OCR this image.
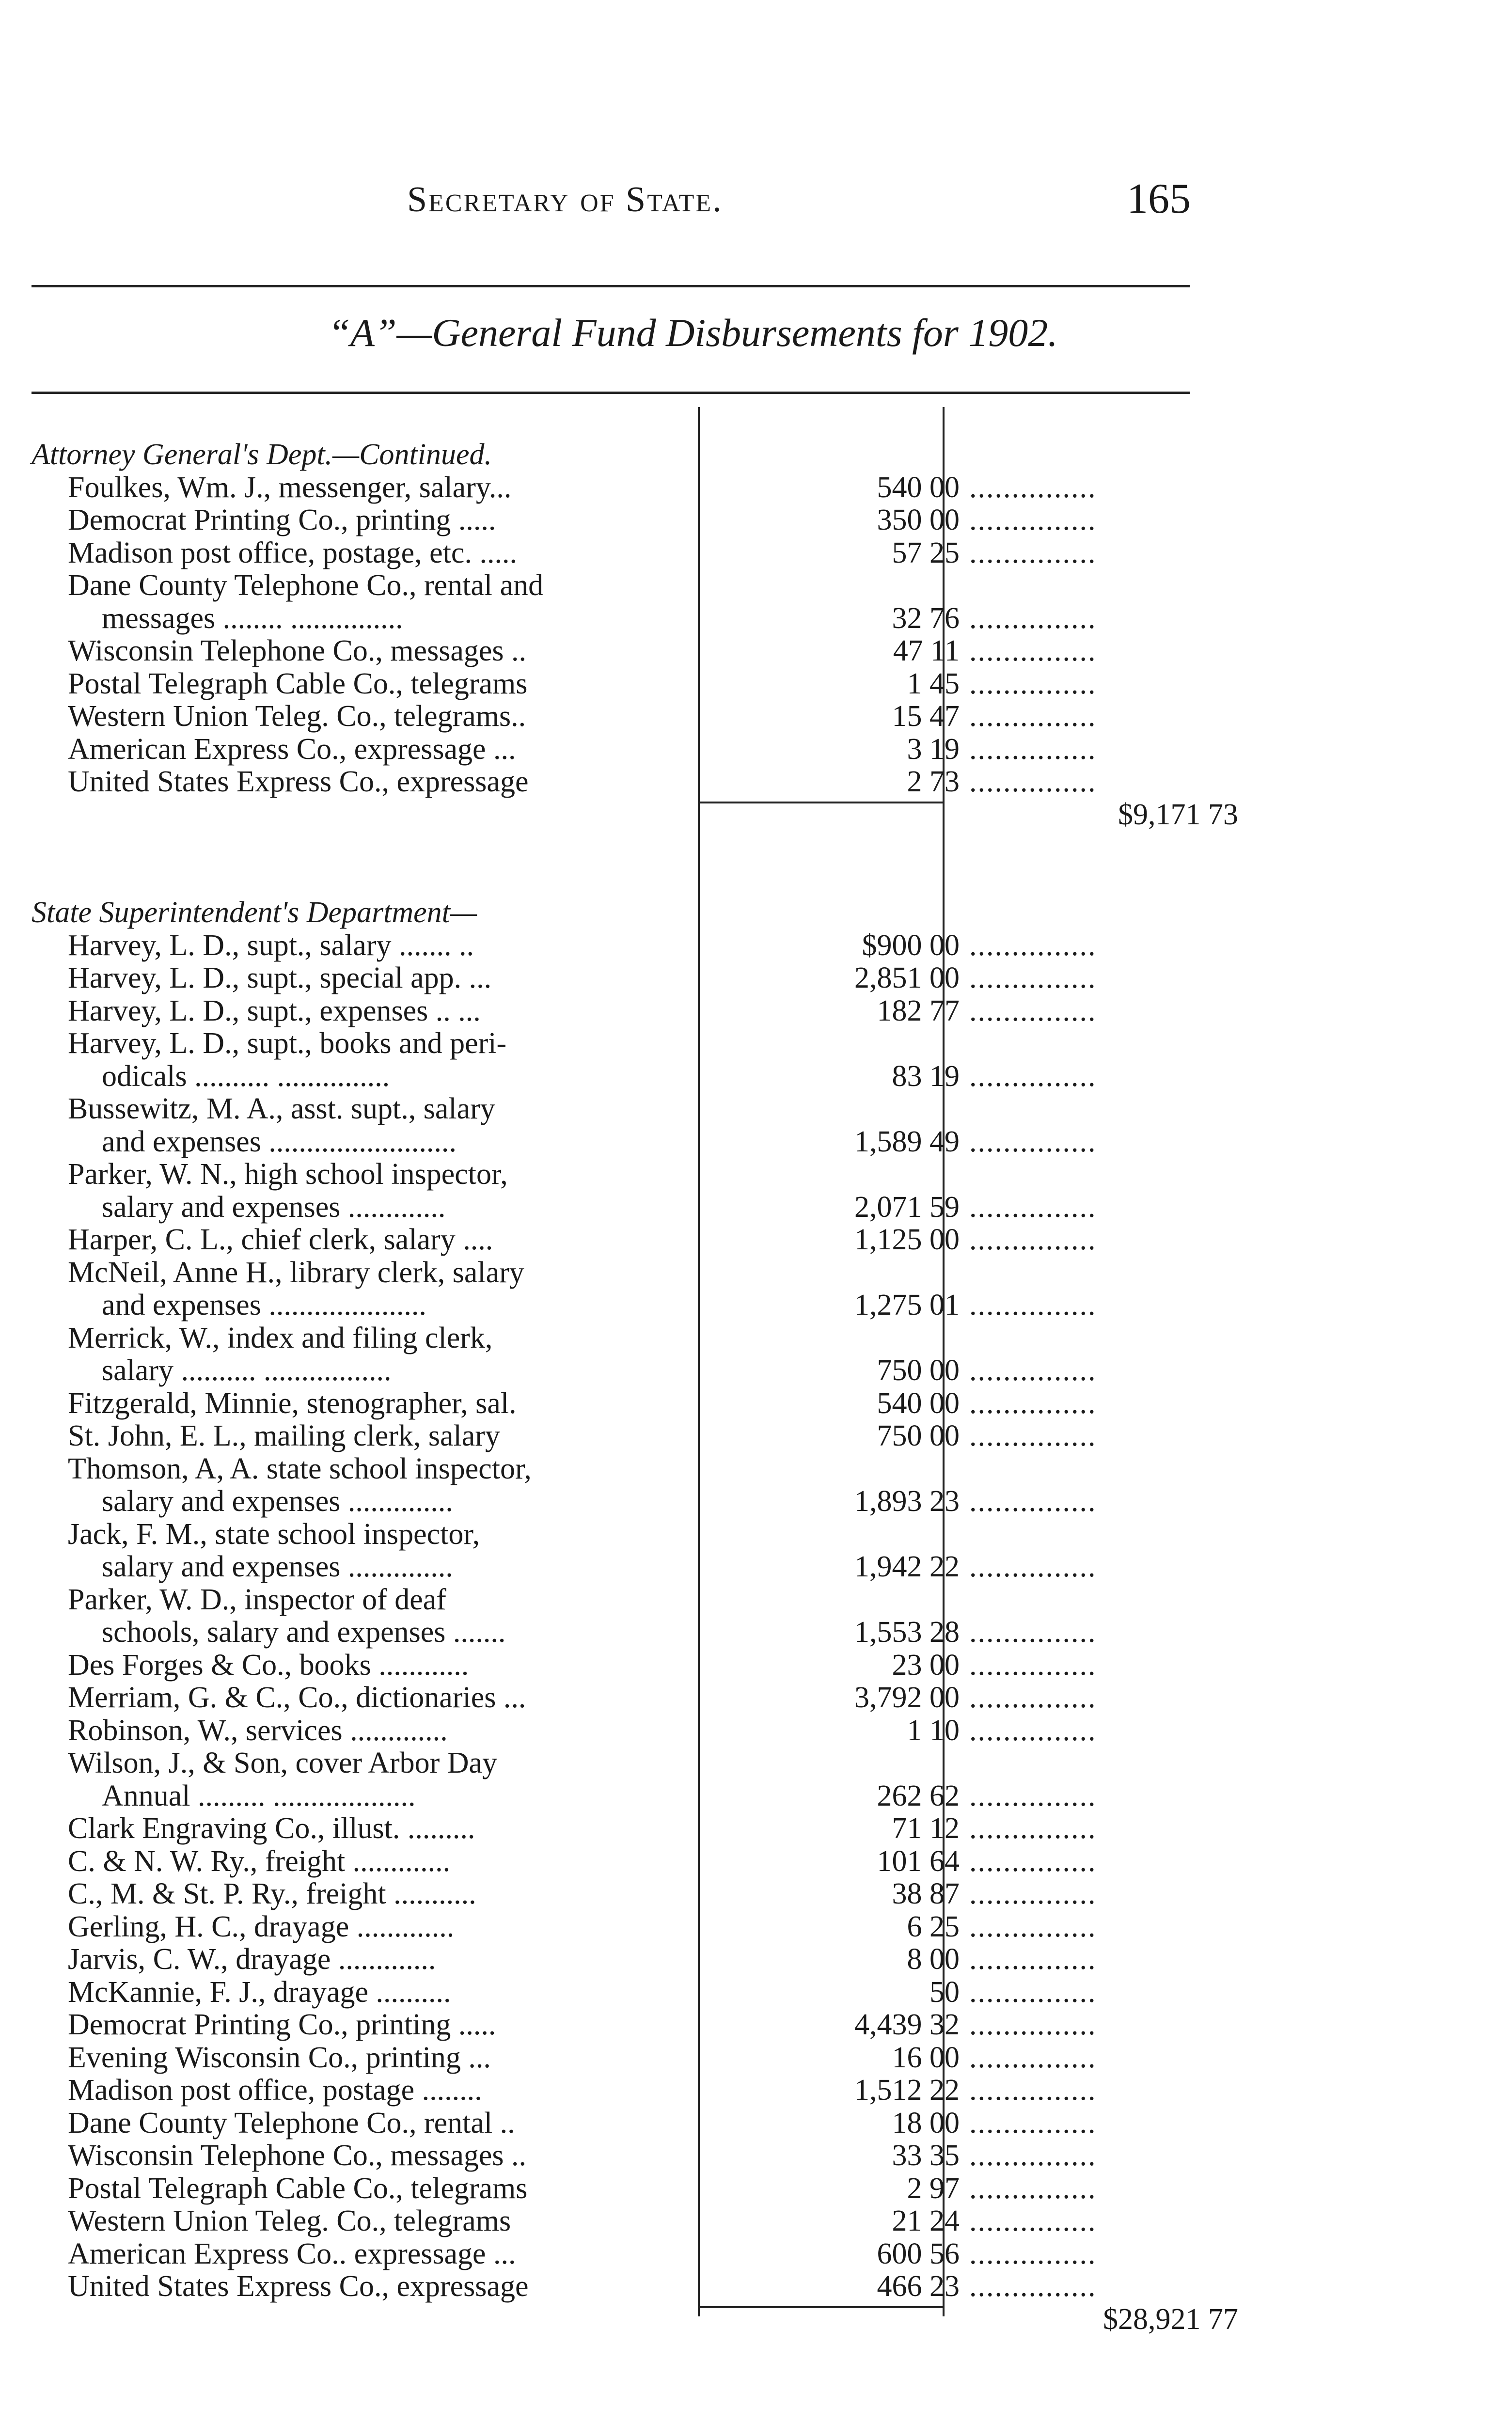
Secretary of State.	165
“A”—General Fund Disbursements for 1902.
Attorney General's Dept.—Continued.
Foulkes, Wm. J., messenger, salary...	540 00 ...............
Democrat Printing Co., printing .....	350 00 ...............
Madison post office, postage, etc. .....	57 25 ...............
Dane County Telephone Co., rental and
messages ........ ...............	32 76 ...............
Wisconsin Telephone Co., messages ..	47 11 ...............
Postal Telegraph Cable Co., telegrams	1 45 ...............
Western Union Teleg. Co., telegrams..	15 47 ...............
American Express Co., expressage ...	3 19 ...............
United States Express Co., expressage	2 73 ...............
$9,171 73
State Superintendent's Department—
Harvey, L. D., supt., salary ....... ..	$900 00 ...............
Harvey, L. D., supt., special app. ...	2,851 00 ...............
Harvey, L. D., supt., expenses .. ...	182 77 ...............
Harvey, L. D., supt., books and peri-
odicals .......... ...............	83 19 ...............
Bussewitz, M. A., asst. supt., salary
and expenses .........................	1,589 49 ...............
Parker, W. N., high school inspector,
salary and expenses .............	2,071 59 ...............
Harper, C. L., chief clerk, salary ....	1,125 00 ...............
McNeil, Anne H., library clerk, salary
and expenses .....................	1,275 01 ...............
Merrick, W., index and filing clerk,
salary .......... .................	750 00 ...............
Fitzgerald, Minnie, stenographer, sal.	540 00 ...............
St. John, E. L., mailing clerk, salary	750 00 ...............
Thomson, A, A. state school inspector,
salary and expenses ..............	1,893 23 ...............
Jack, F. M., state school inspector,
salary and expenses ..............	1,942 22 ...............
Parker, W. D., inspector of deaf
schools, salary and expenses .......	1,553 28 ...............
Des Forges & Co., books ............	23 00 ...............
Merriam, G. & C., Co., dictionaries ...	3,792 00 ...............
Robinson, W., services .............	1 10 ...............
Wilson, J., & Son, cover Arbor Day
Annual ......... ...................	262 62 ...............
Clark Engraving Co., illust. .........	71 12 ...............
C. & N. W. Ry., freight .............	101 64 ...............
C., M. & St. P. Ry., freight ...........	38 87 ...............
Gerling, H. C., drayage .............	6 25 ...............
Jarvis, C. W., drayage .............	8 00 ...............
McKannie, F. J., drayage ..........	50 ...............
Democrat Printing Co., printing .....	4,439 32 ...............
Evening Wisconsin Co., printing ...	16 00 ...............
Madison post office, postage ........	1,512 22 ...............
Dane County Telephone Co., rental ..	18 00 ...............
Wisconsin Telephone Co., messages ..	33 35 ...............
Postal Telegraph Cable Co., telegrams	2 97 ...............
Western Union Teleg. Co., telegrams	21 24 ...............
American Express Co.. expressage ...	600 56 ...............
United States Express Co., expressage	466 23 ...............
$28,921 77
